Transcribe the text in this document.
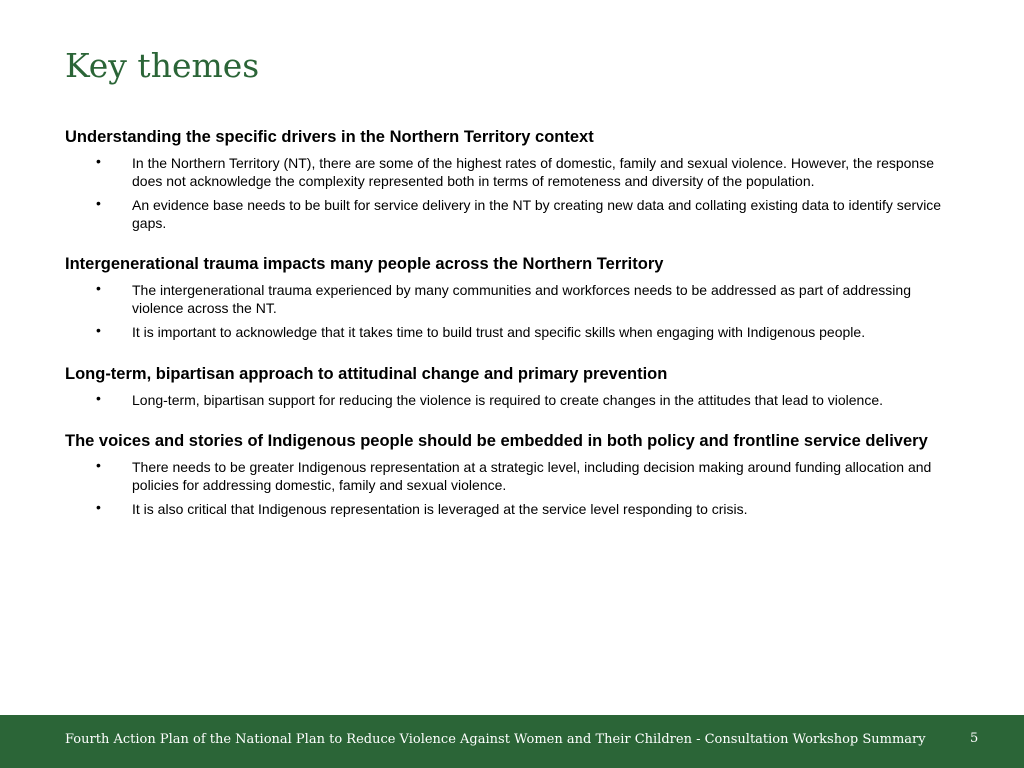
Key themes
Understanding the specific drivers in the Northern Territory context
• In the Northern Territory (NT), there are some of the highest rates of domestic, family and sexual violence. However, the response does not acknowledge the complexity represented both in terms of remoteness and diversity of the population.
• An evidence base needs to be built for service delivery in the NT by creating new data and collating existing data to identify service gaps.
Intergenerational trauma impacts many people across the Northern Territory
• The intergenerational trauma experienced by many communities and workforces needs to be addressed as part of addressing violence across the NT.
• It is important to acknowledge that it takes time to build trust and specific skills when engaging with Indigenous people.
Long-term, bipartisan approach to attitudinal change and primary prevention
• Long-term, bipartisan support for reducing the violence is required to create changes in the attitudes that lead to violence.
The voices and stories of Indigenous people should be embedded in both policy and frontline service delivery
• There needs to be greater Indigenous representation at a strategic level, including decision making around funding allocation and policies for addressing domestic, family and sexual violence.
• It is also critical that Indigenous representation is leveraged at the service level responding to crisis.
Fourth Action Plan of the National Plan to Reduce Violence Against Women and Their Children - Consultation Workshop Summary	5
